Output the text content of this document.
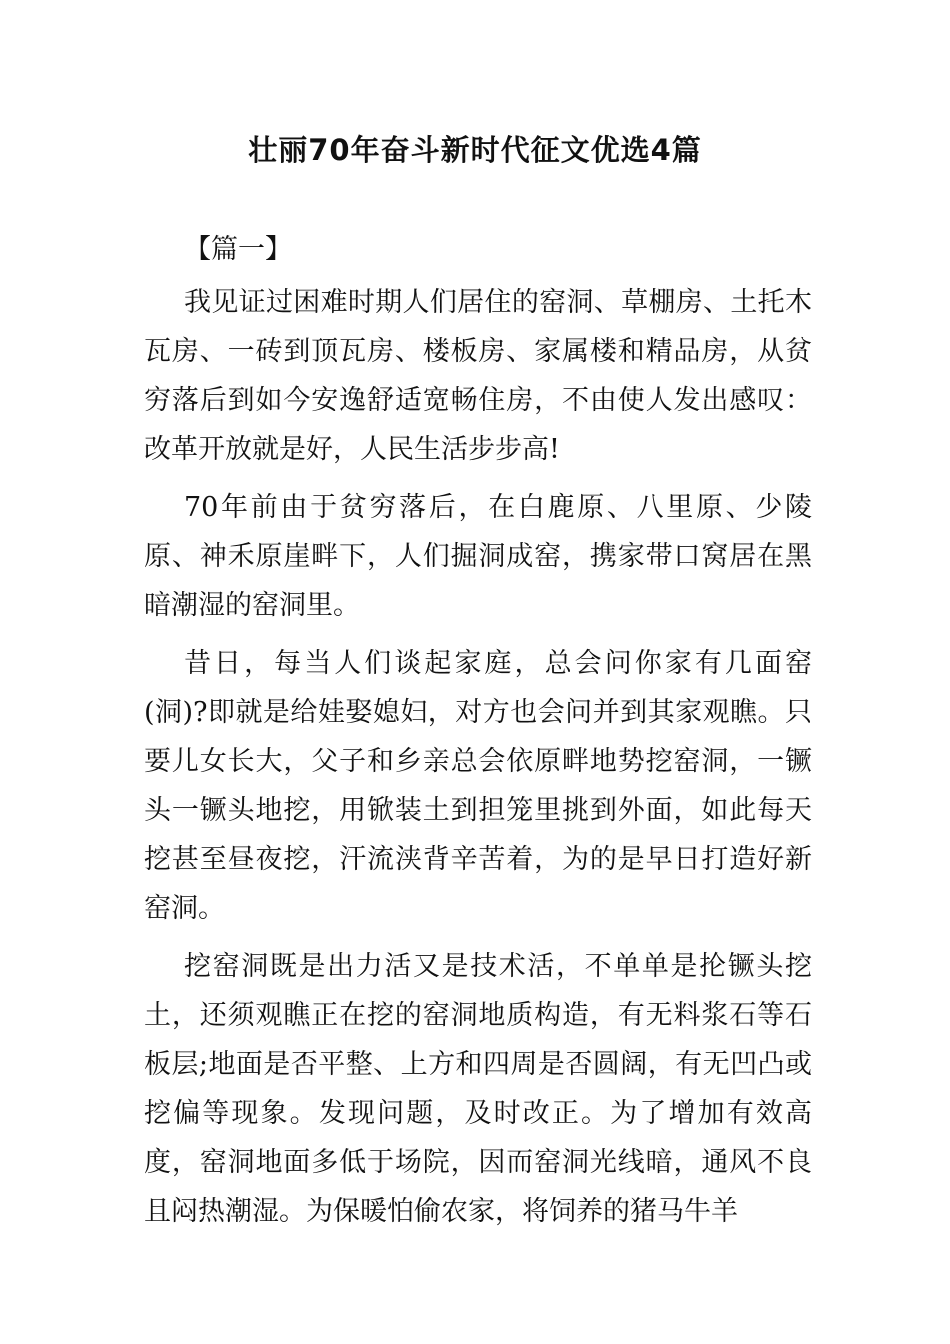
壮丽70年奋斗新时代征文优选4篇

【篇一】

我见证过困难时期人们居住的窑洞、草棚房、土托木瓦房、一砖到顶瓦房、楼板房、家属楼和精品房，从贫穷落后到如今安逸舒适宽畅住房，不由使人发出感叹：改革开放就是好，人民生活步步高!

70年前由于贫穷落后，在白鹿原、八里原、少陵原、神禾原崖畔下，人们掘洞成窑，携家带口窝居在黑暗潮湿的窑洞里。

昔日，每当人们谈起家庭，总会问你家有几面窑(洞)?即就是给娃娶媳妇，对方也会问并到其家观瞧。只要儿女长大，父子和乡亲总会依原畔地势挖窑洞，一镢头一镢头地挖，用锨装土到担笼里挑到外面，如此每天挖甚至昼夜挖，汗流浃背辛苦着，为的是早日打造好新窑洞。

挖窑洞既是出力活又是技术活，不单单是抡镢头挖土，还须观瞧正在挖的窑洞地质构造，有无料浆石等石板层;地面是否平整、上方和四周是否圆阔，有无凹凸或挖偏等现象。发现问题，及时改正。为了增加有效高度，窑洞地面多低于场院，因而窑洞光线暗，通风不良且闷热潮湿。为保暖怕偷农家，将饲养的猪马牛羊
